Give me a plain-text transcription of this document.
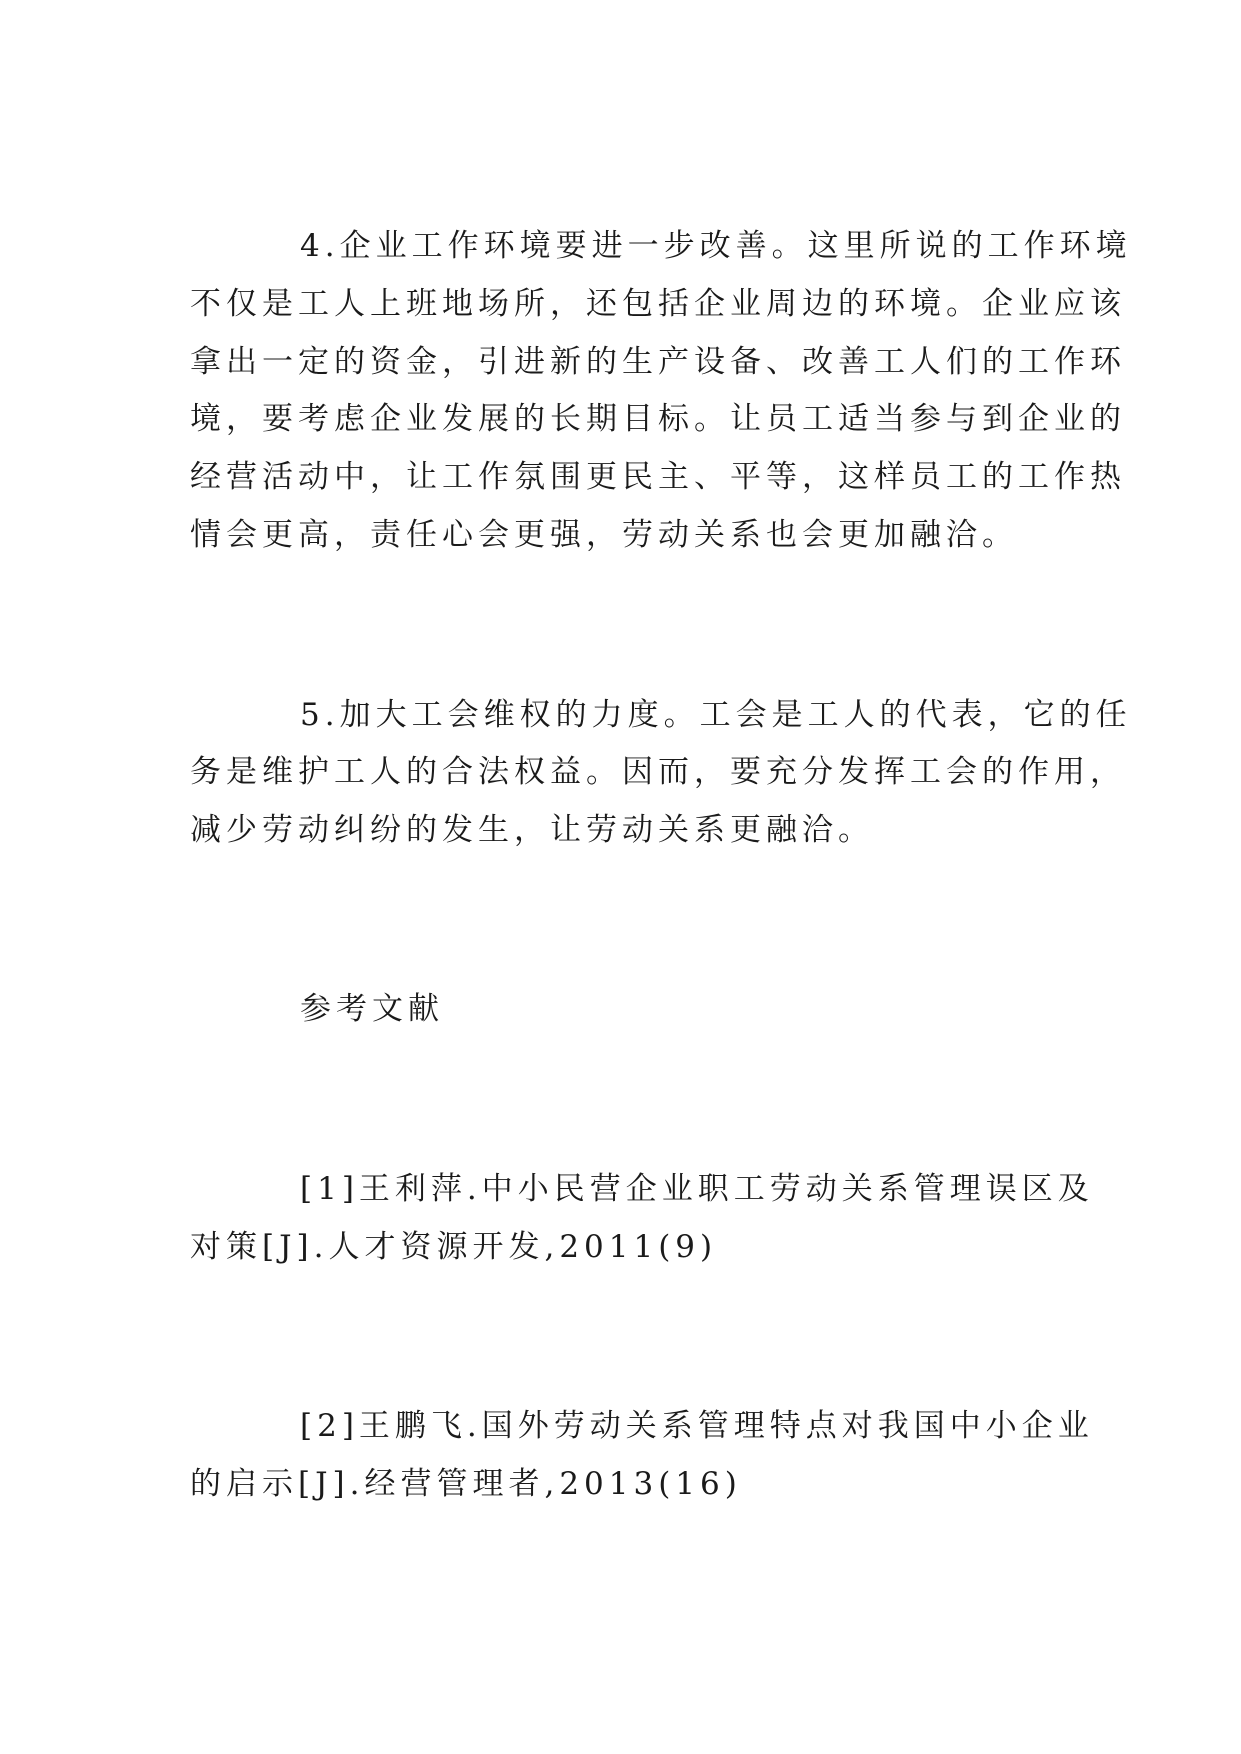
4.企业工作环境要进一步改善。这里所说的工作环境

不仅是工人上班地场所，还包括企业周边的环境。企业应该

拿出一定的资金，引进新的生产设备、改善工人们的工作环

境，要考虑企业发展的长期目标。让员工适当参与到企业的

经营活动中，让工作氛围更民主、平等，这样员工的工作热

情会更高，责任心会更强，劳动关系也会更加融洽。

5.加大工会维权的力度。工会是工人的代表，它的任

务是维护工人的合法权益。因而，要充分发挥工会的作用，

减少劳动纠纷的发生，让劳动关系更融洽。

参考文献

[1]王利萍.中小民营企业职工劳动关系管理误区及

对策[J].人才资源开发,2011(9)

[2]王鹏飞.国外劳动关系管理特点对我国中小企业

的启示[J].经营管理者,2013(16)
